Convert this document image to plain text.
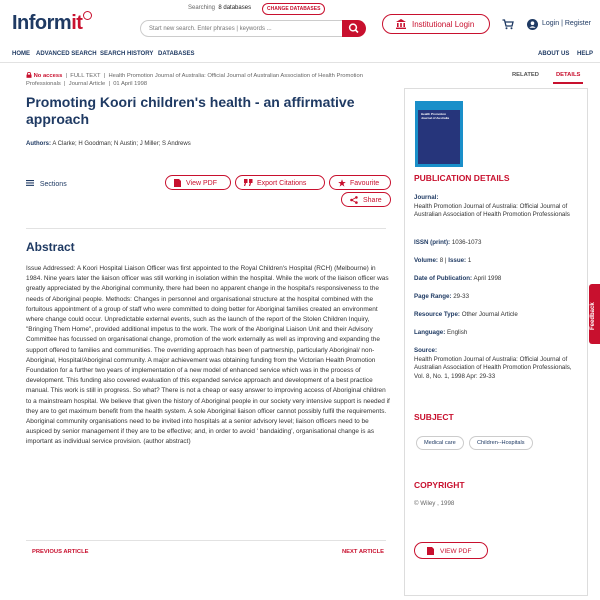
Informit
Searching 8 databases	CHANGE DATABASES
Start new search. Enter phrases | keywords ...	Institutional Login	Login | Register
HOME ADVANCED SEARCH SEARCH HISTORY DATABASES	ABOUT US HELP
No access | FULL TEXT | Health Promotion Journal of Australia: Official Journal of Australian Association of Health Promotion Professionals | Journal Article | 01 April 1998
RELATED	DETAILS
Promoting Koori children's health - an affirmative approach
Authors: A Clarke; H Goodman; N Austin; J Miller; S Andrews
Sections	View PDF	Export Citations	Favourite
Share
Abstract
Issue Addressed: A Koori Hospital Liaison Officer was first appointed to the Royal Children's Hospital (RCH) (Melbourne) in 1984. Nine years later the liaison officer was still working in isolation within the hospital. While the work of the liaison officer was greatly appreciated by the Aboriginal community, there had been no apparent change in the hospital's responsiveness to the needs of Aboriginal people. Methods: Changes in personnel and organisational structure at the hospital combined with the fortuitous appointment of a group of staff who were committed to doing better for Aboriginal families created an environment where change could occur. Unpredictable external events, such as the launch of the report of the Stolen Children Inquiry, "Bringing Them Home", provided additional impetus to the work. The work of the Aboriginal Liaison Unit and their Advisory Committee has focussed on organisational change, promotion of the work externally as well as improving and expanding the support offered to families and communities. The overriding approach has been of partnership, particularly Aboriginal/ non-Aboriginal, Hospital/Aboriginal community. A major achievement was obtaining funding from the Victorian Health Promotion Foundation for a further two years of implementation of a new model of enhanced service which was in the process of development. This funding also covered evaluation of this expanded service approach and development of a best practice manual. This work is still in progress. So what? There is not a cheap or easy answer to improving access of Aboriginal children to a mainstream hospital. We believe that given the history of Aboriginal people in our society very intensive support is needed if they are to get maximum benefit from the health system. A sole Aboriginal liaison officer cannot possibly fulfil the requirements. Aboriginal community organisations need to be invited into hospitals at a senior advisory level; liaison officers need to be auspiced by senior management if they are to be effective; and, in order to avoid ' bandaiding', organisational change is as important as individual service provision. (author abstract)
PREVIOUS ARTICLE	NEXT ARTICLE
Health Promotion Journal of Australia
PUBLICATION DETAILS
Journal:
Health Promotion Journal of Australia: Official Journal of Australian Association of Health Promotion Professionals
ISSN (print): 1036-1073
Volume: 8 | Issue: 1
Date of Publication: April 1998
Page Range: 29-33
Resource Type: Other Journal Article
Language: English
Source:
Health Promotion Journal of Australia: Official Journal of Australian Association of Health Promotion Professionals, Vol. 8, No. 1, 1998 Apr: 29-33
SUBJECT
Medical care	Children--Hospitals
COPYRIGHT
© Wiley , 1998
VIEW PDF
Feedback
